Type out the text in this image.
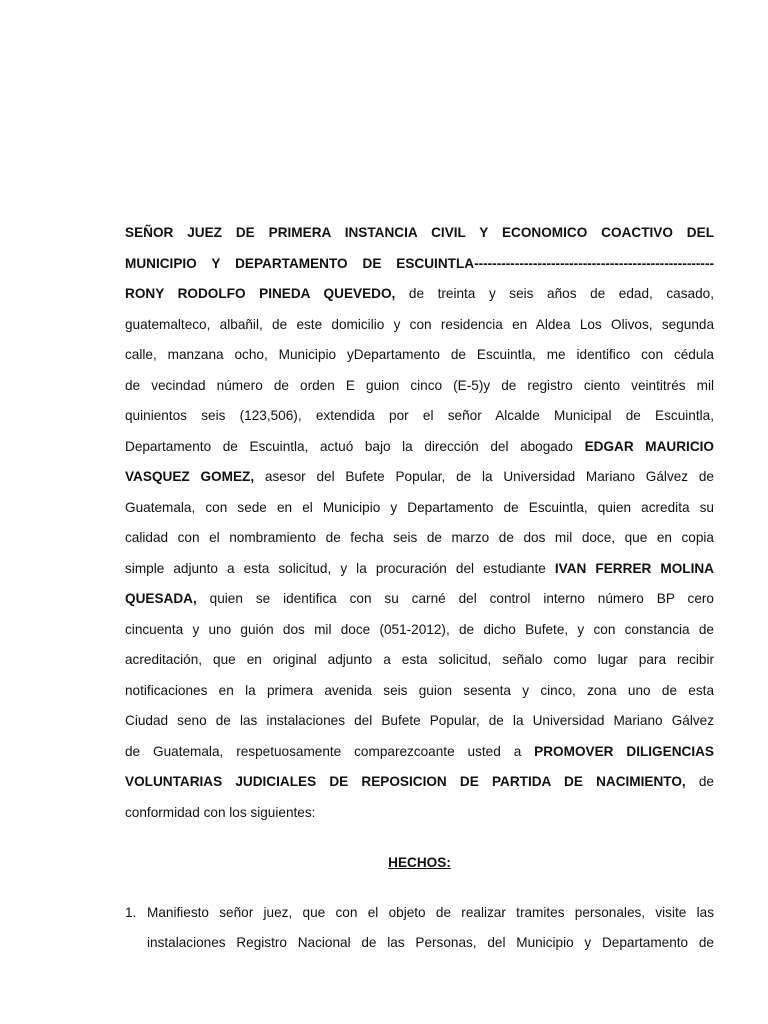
SEÑOR JUEZ DE PRIMERA INSTANCIA CIVIL Y ECONOMICO COACTIVO DEL
MUNICIPIO Y DEPARTAMENTO DE ESCUINTLA-----------------------------------------------------
RONY RODOLFO PINEDA QUEVEDO, de treinta y seis años de edad, casado,
guatemalteco, albañil, de este domicilio y con residencia en Aldea Los Olivos, segunda
calle, manzana ocho, Municipio yDepartamento de Escuintla, me identifico con cédula
de vecindad número de orden E guion cinco (E-5)y de registro ciento veintitrés mil
quinientos seis (123,506), extendida por el señor Alcalde Municipal de Escuintla,
Departamento de Escuintla, actuó bajo la dirección del abogado EDGAR MAURICIO
VASQUEZ GOMEZ, asesor del Bufete Popular, de la Universidad Mariano Gálvez de
Guatemala, con sede en el Municipio y Departamento de Escuintla, quien acredita su
calidad con el nombramiento de fecha seis de marzo de dos mil doce, que en copia
simple adjunto a esta solicitud, y la procuración del estudiante IVAN FERRER MOLINA
QUESADA, quien se identifica con su carné del control interno número BP cero
cincuenta y uno guión dos mil doce (051-2012), de dicho Bufete, y con constancia de
acreditación, que en original adjunto a esta solicitud, señalo como lugar para recibir
notificaciones en la primera avenida seis guion sesenta y cinco, zona uno de esta
Ciudad seno de las instalaciones del Bufete Popular, de la Universidad Mariano Gálvez
de Guatemala, respetuosamente comparezcoante usted a PROMOVER DILIGENCIAS
VOLUNTARIAS JUDICIALES DE REPOSICION DE PARTIDA DE NACIMIENTO, de
conformidad con los siguientes:
HECHOS:
1. Manifiesto señor juez, que con el objeto de realizar tramites personales, visite las
instalaciones Registro Nacional de las Personas, del Municipio y Departamento de
